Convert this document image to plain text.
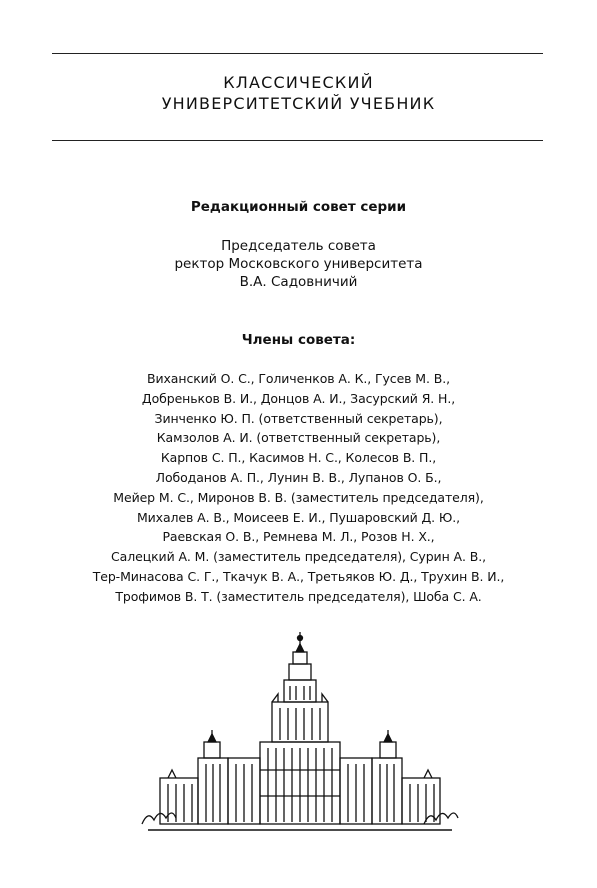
КЛАССИЧЕСКИЙ
УНИВЕРСИТЕТСКИЙ УЧЕБНИК
Редакционный совет серии
Председатель совета
ректор Московского университета
В.А. Садовничий
Члены совета:
Виханский О. С., Голиченков А. К., Гусев М. В.,
Добреньков В. И., Донцов А. И., Засурский Я. Н.,
Зинченко Ю. П. (ответственный секретарь),
Камзолов А. И. (ответственный секретарь),
Карпов С. П., Касимов Н. С., Колесов В. П.,
Лободанов А. П., Лунин В. В., Лупанов О. Б.,
Мейер М. С., Миронов В. В. (заместитель председателя),
Михалев А. В., Моисеев Е. И., Пушаровский Д. Ю.,
Раевская О. В., Ремнева М. Л., Розов Н. Х.,
Салецкий А. М. (заместитель председателя), Сурин А. В.,
Тер-Минасова С. Г., Ткачук В. А., Третьяков Ю. Д., Трухин В. И.,
Трофимов В. Т. (заместитель председателя), Шоба С. А.
